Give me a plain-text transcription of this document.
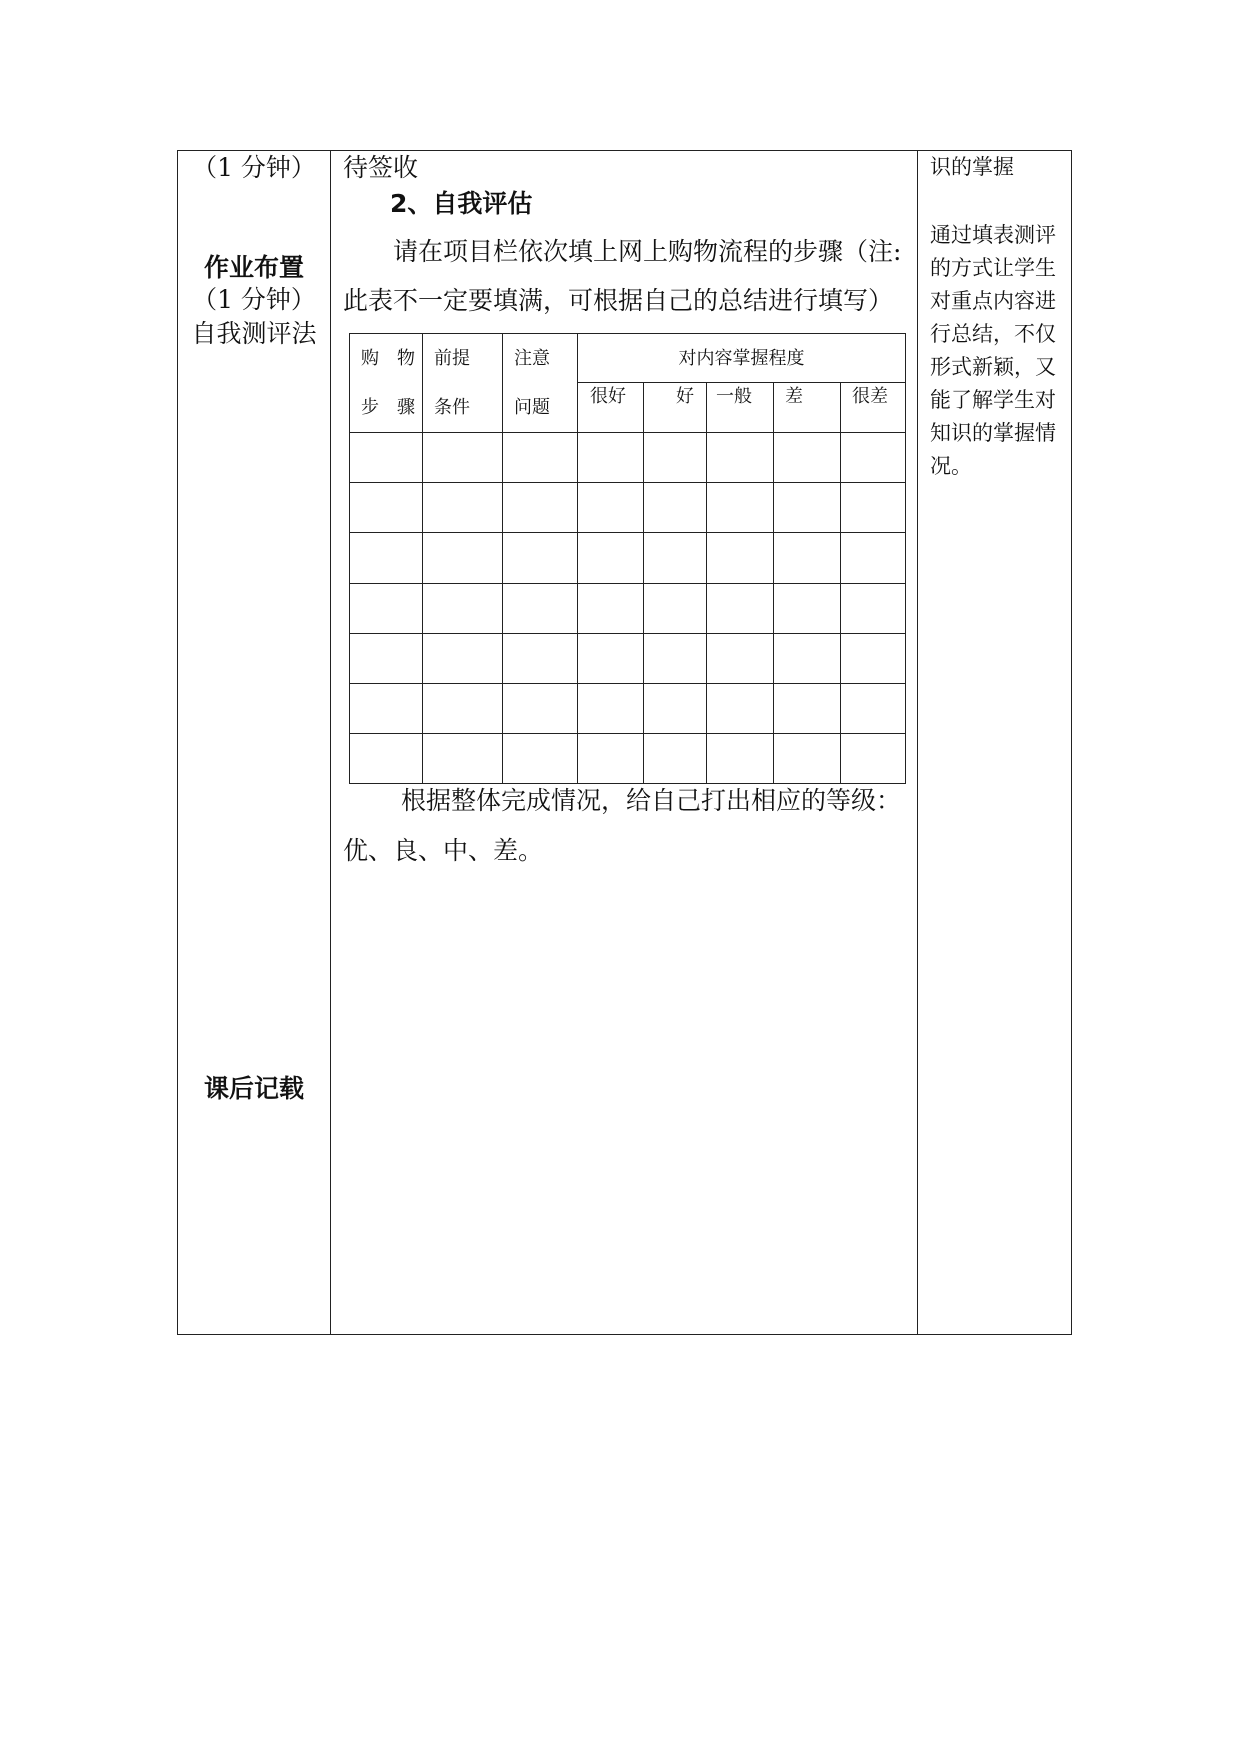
（1 分钟）
作业布置
（1 分钟）
自我测评法
课后记载
待签收
2、自我评估
请在项目栏依次填上网上购物流程的步骤（注:
此表不一定要填满，可根据自己的总结进行填写）
根据整体完成情况，给自己打出相应的等级：
优、良、中、差。
购　物
步　骤
前提
条件
注意
问题
对内容掌握程度
很好	好 一般 差	很差
识的掌握
通过填表测评的方式让学生对重点内容进行总结，不仅形式新颖，又能了解学生对知识的掌握情况。
